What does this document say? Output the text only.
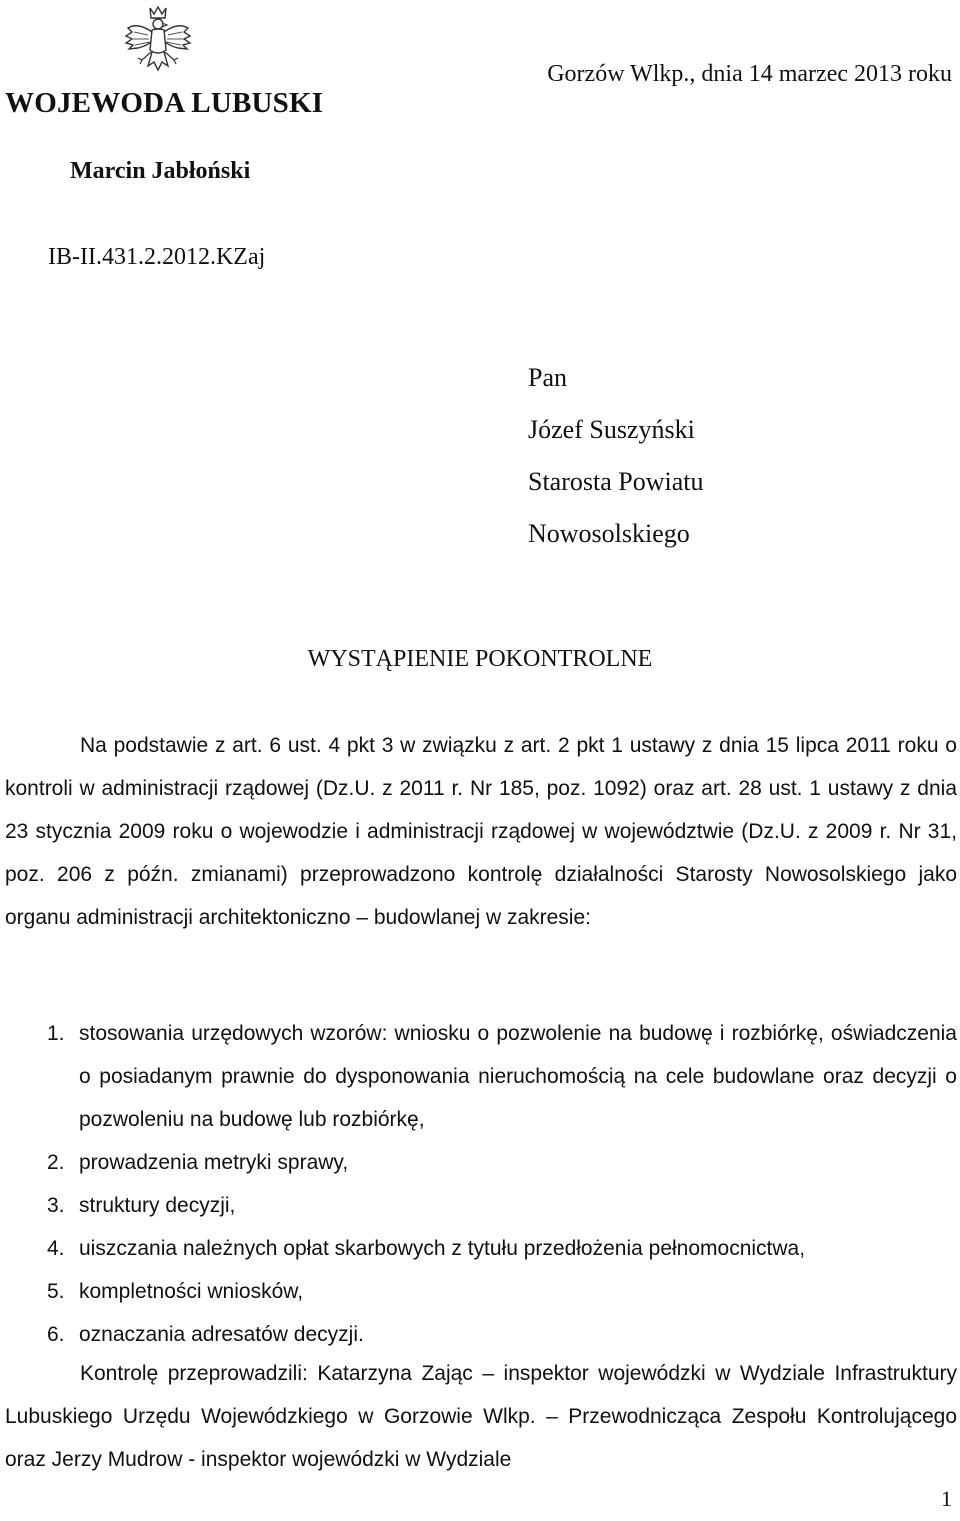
WOJEWODA LUBUSKI
Marcin Jabłoński
Gorzów Wlkp., dnia 14 marzec 2013 roku
IB-II.431.2.2012.KZaj
Pan
Józef Suszyński
Starosta Powiatu
Nowosolskiego
WYSTĄPIENIE POKONTROLNE
Na podstawie z art. 6 ust. 4 pkt 3 w związku z art. 2 pkt 1 ustawy z dnia 15 lipca 2011 roku o kontroli w administracji rządowej (Dz.U. z 2011 r. Nr 185, poz. 1092) oraz art. 28 ust. 1 ustawy z dnia 23 stycznia 2009 roku o wojewodzie i administracji rządowej w województwie (Dz.U. z 2009 r. Nr 31, poz. 206 z późn. zmianami) przeprowadzono kontrolę działalności Starosty Nowosolskiego jako organu administracji architektoniczno – budowlanej w zakresie:
1. stosowania urzędowych wzorów: wniosku o pozwolenie na budowę i rozbiórkę, oświadczenia o posiadanym prawnie do dysponowania nieruchomością na cele budowlane oraz decyzji o pozwoleniu na budowę lub rozbiórkę,
2. prowadzenia metryki sprawy,
3. struktury decyzji,
4. uiszczania należnych opłat skarbowych z tytułu przedłożenia pełnomocnictwa,
5. kompletności wniosków,
6. oznaczania adresatów decyzji.
Kontrolę przeprowadzili: Katarzyna Zając – inspektor wojewódzki w Wydziale Infrastruktury Lubuskiego Urzędu Wojewódzkiego w Gorzowie Wlkp. – Przewodnicząca Zespołu Kontrolującego oraz Jerzy Mudrow - inspektor wojewódzki w Wydziale
1
